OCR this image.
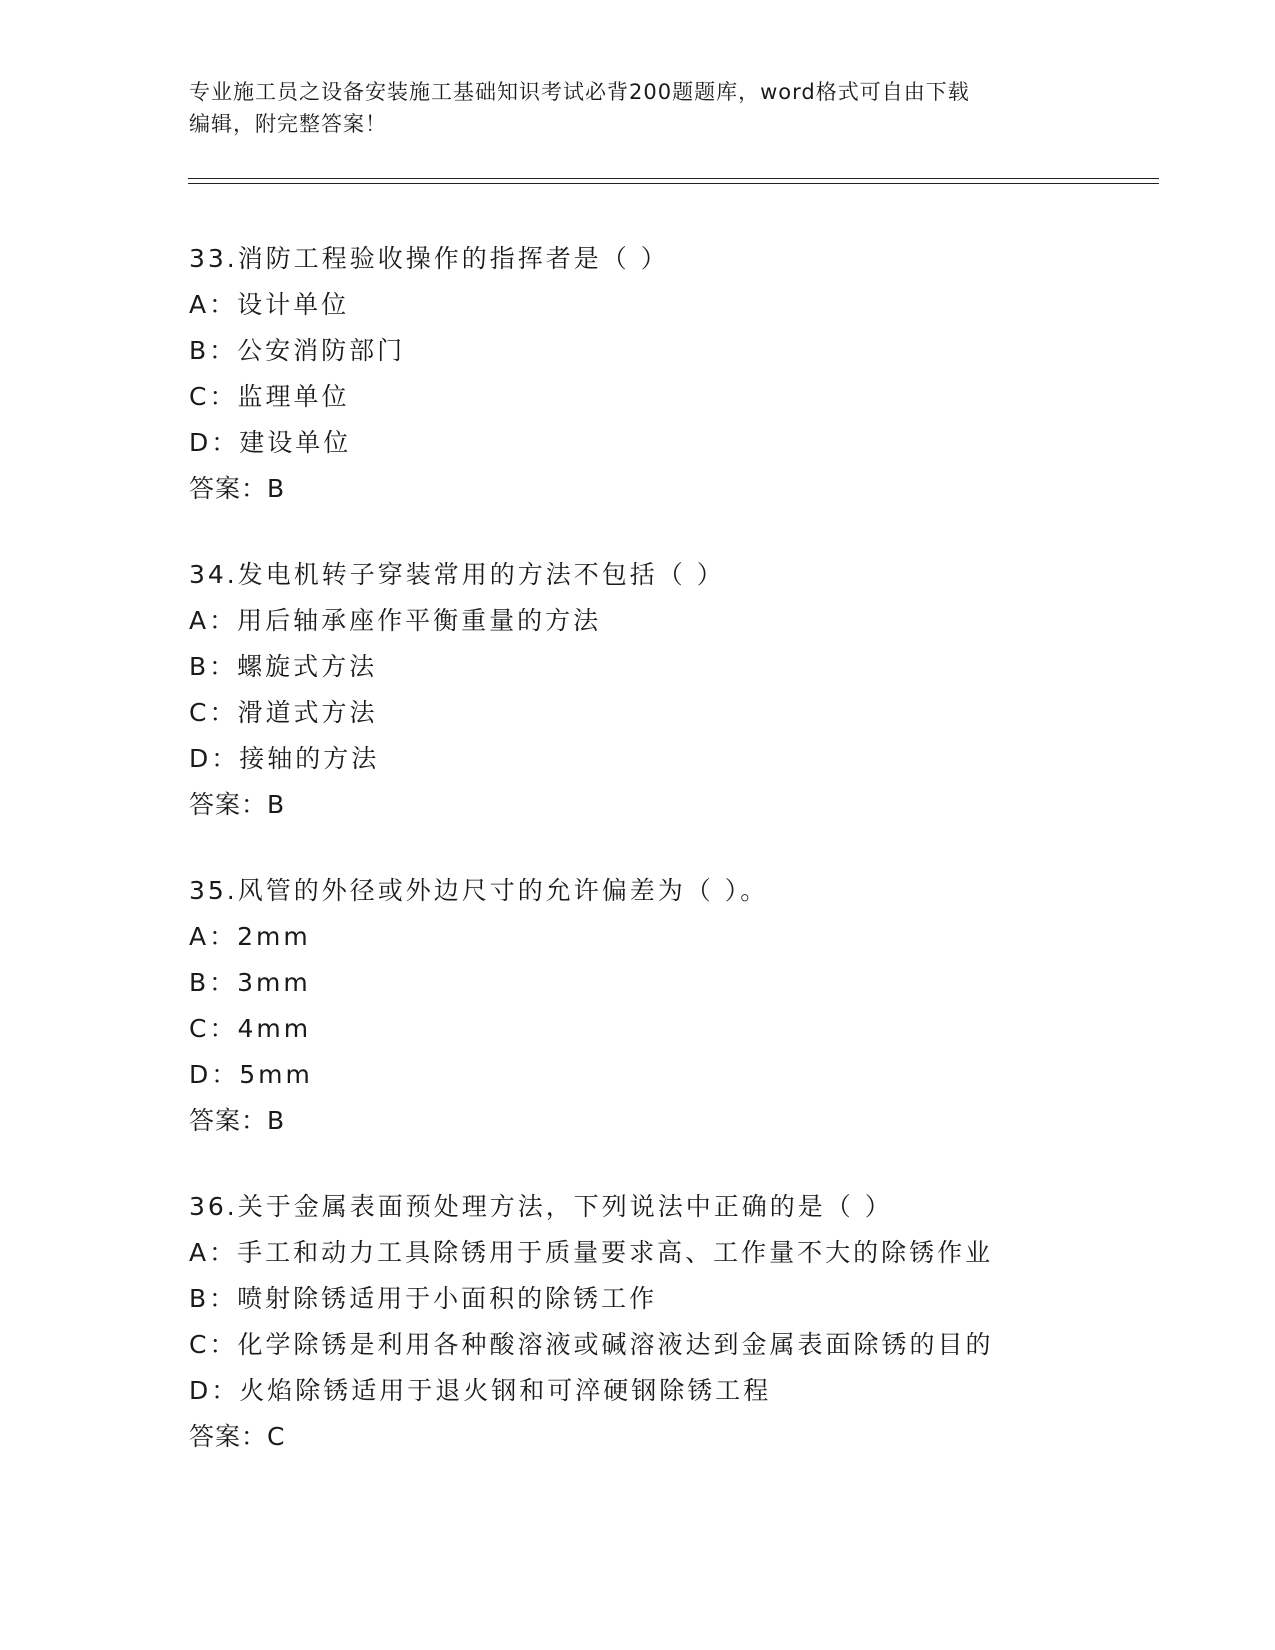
专业施工员之设备安装施工基础知识考试必背200题题库，word格式可自由下载
编辑，附完整答案！
33.消防工程验收操作的指挥者是（ ）
A：设计单位
B：公安消防部门
C：监理单位
D：建设单位
答案：B
34.发电机转子穿装常用的方法不包括（ ）
A：用后轴承座作平衡重量的方法
B：螺旋式方法
C：滑道式方法
D：接轴的方法
答案：B
35.风管的外径或外边尺寸的允许偏差为（ ）。
A：2mm
B：3mm
C：4mm
D：5mm
答案：B
36.关于金属表面预处理方法，下列说法中正确的是（ ）
A：手工和动力工具除锈用于质量要求高、工作量不大的除锈作业
B：喷射除锈适用于小面积的除锈工作
C：化学除锈是利用各种酸溶液或碱溶液达到金属表面除锈的目的
D：火焰除锈适用于退火钢和可淬硬钢除锈工程
答案：C
